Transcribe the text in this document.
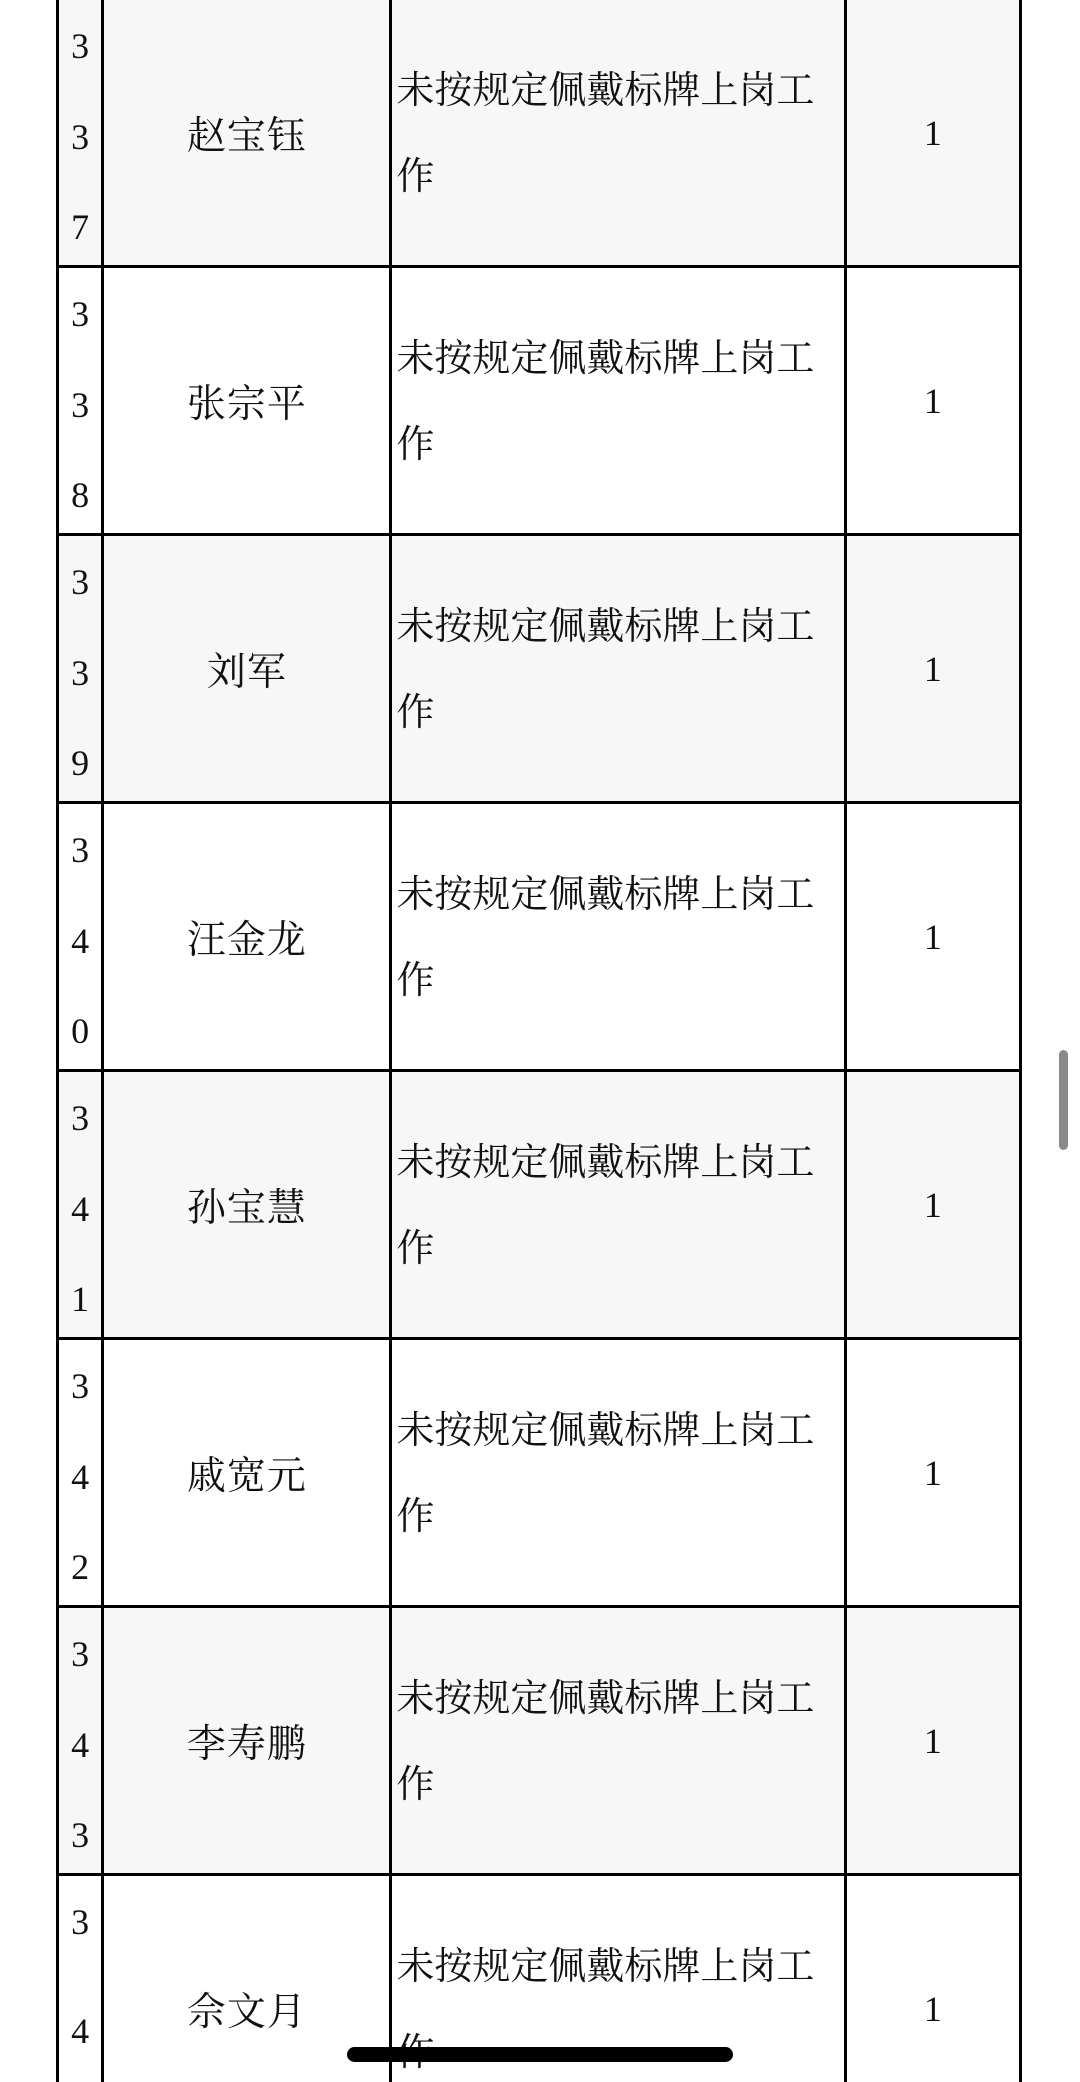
3
3
7	赵宝钰	未按规定佩戴标牌上岗工作	1

3
3
8	张宗平	未按规定佩戴标牌上岗工作	1

3
3
9	刘军	未按规定佩戴标牌上岗工作	1

3
4
0	汪金龙	未按规定佩戴标牌上岗工作	1

3
4
1	孙宝慧	未按规定佩戴标牌上岗工作	1

3
4
2	戚宽元	未按规定佩戴标牌上岗工作	1

3
4
3	李寿鹏	未按规定佩戴标牌上岗工作	1

3
4	佘文月	未按规定佩戴标牌上岗工	1
